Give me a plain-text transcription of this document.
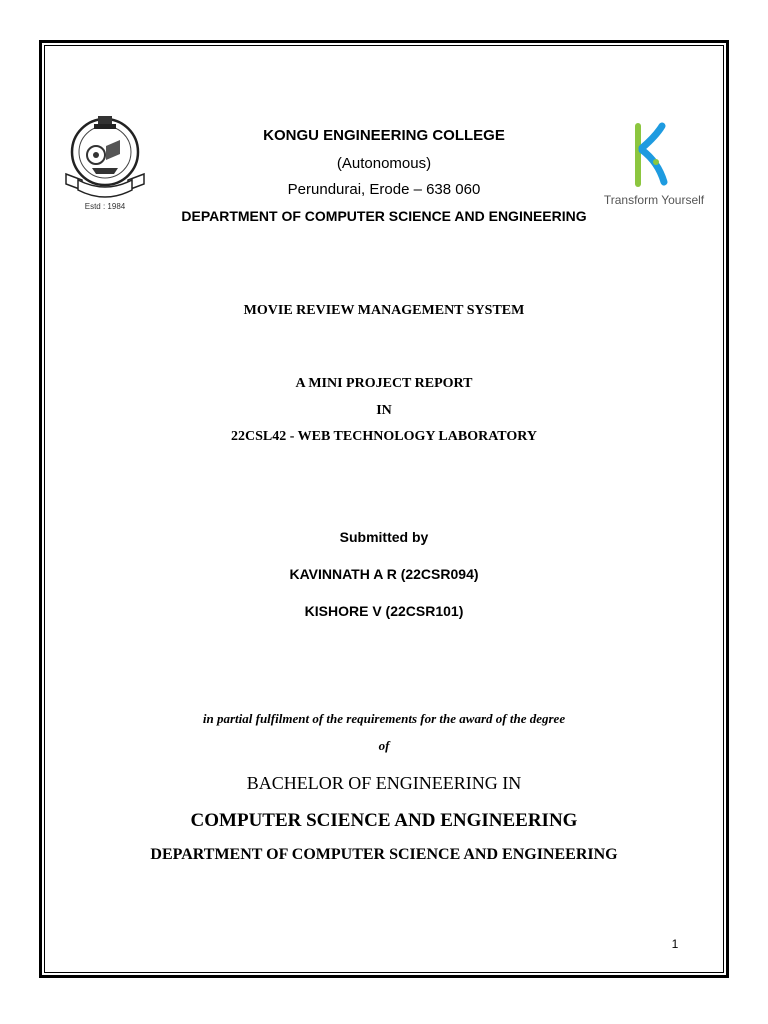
Estd : 1984	Transform Yourself
KONGU ENGINEERING COLLEGE
(Autonomous)
Perundurai, Erode – 638 060
DEPARTMENT OF COMPUTER SCIENCE AND ENGINEERING
MOVIE REVIEW MANAGEMENT SYSTEM
A MINI PROJECT REPORT
IN
22CSL42 - WEB TECHNOLOGY LABORATORY
Submitted by
KAVINNATH A R (22CSR094)
KISHORE V (22CSR101)
in partial fulfilment of the requirements for the award of the degree
of
BACHELOR OF ENGINEERING IN
COMPUTER SCIENCE AND ENGINEERING
DEPARTMENT OF COMPUTER SCIENCE AND ENGINEERING
1
